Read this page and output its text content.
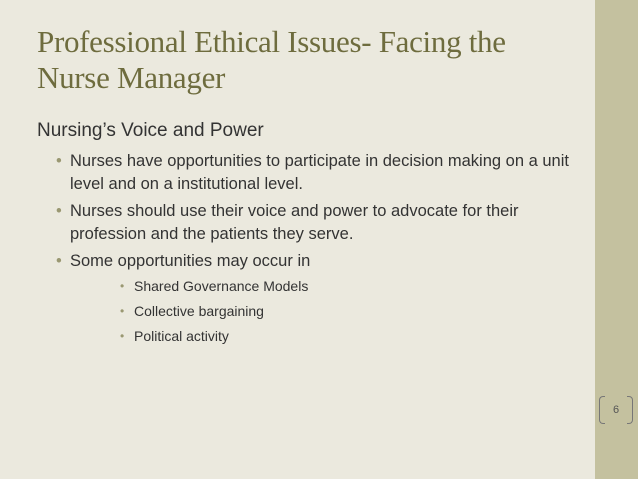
Professional Ethical Issues- Facing the Nurse Manager
Nursing’s Voice and Power
• Nurses have opportunities to participate in decision making on a unit level and on a institutional level.
• Nurses should use their voice and power to advocate for their profession and the patients they serve.
• Some opportunities may occur in
• Shared Governance Models
• Collective bargaining
• Political activity
6
